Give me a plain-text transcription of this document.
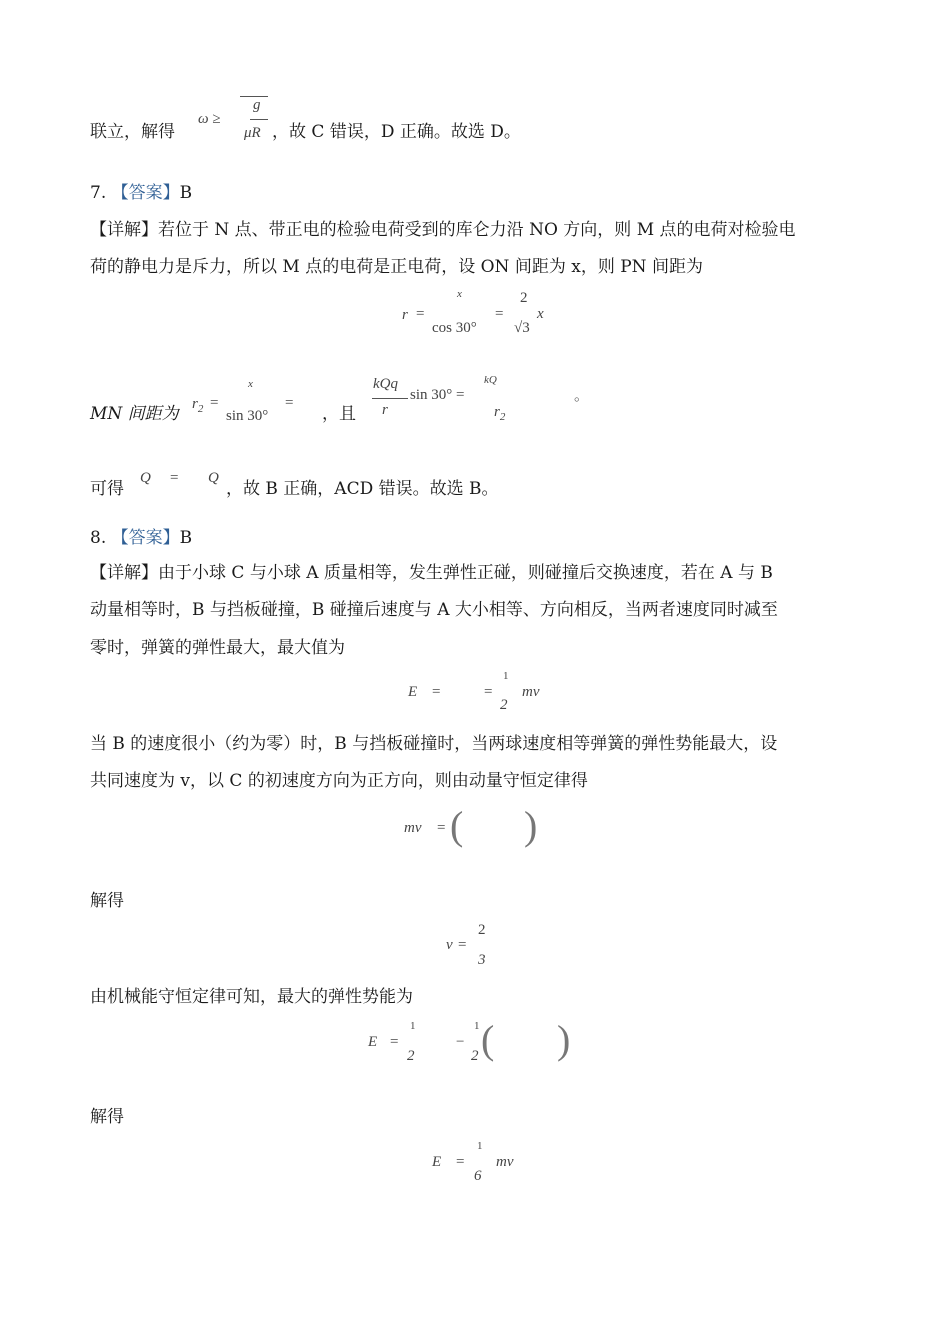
联立，解得
ω ≥
g
μR ，故 C 错误，D 正确。故选 D。
7. 【答案】B
【详解】若位于 N 点、带正电的检验电荷受到的库仑力沿 NO 方向，则 M 点的电荷对检验电
荷的静电力是斥力，所以 M 点的电荷是正电荷，设 ON 间距为 x，则 PN 间距为
r =
x
cos 30°
=
2
√3
x
MN 间距为 $r_2$ =
x
sin 30°
=
，且
kQq
r
sin 30° =
kQ
$r_2$
。
可得
Q = Q
，故 B 正确，ACD 错误。故选 B。
8. 【答案】B
【详解】由于小球 C 与小球 A 质量相等，发生弹性正碰，则碰撞后交换速度，若在 A 与 B
动量相等时，B 与挡板碰撞，B 碰撞后速度与 A 大小相等、方向相反，当两者速度同时减至
零时，弹簧的弹性最大，最大值为
E =	=
1
2
mv
当 B 的速度很小（约为零）时，B 与挡板碰撞时，当两球速度相等弹簧的弹性势能最大，设
共同速度为 v，以 C 的初速度方向为正方向，则由动量守恒定律得
mv = ( )
解得
v =
2
3
由机械能守恒定律可知，最大的弹性势能为
E =
1
2
−
1
2 ( )
解得
E =
1
6
mv
